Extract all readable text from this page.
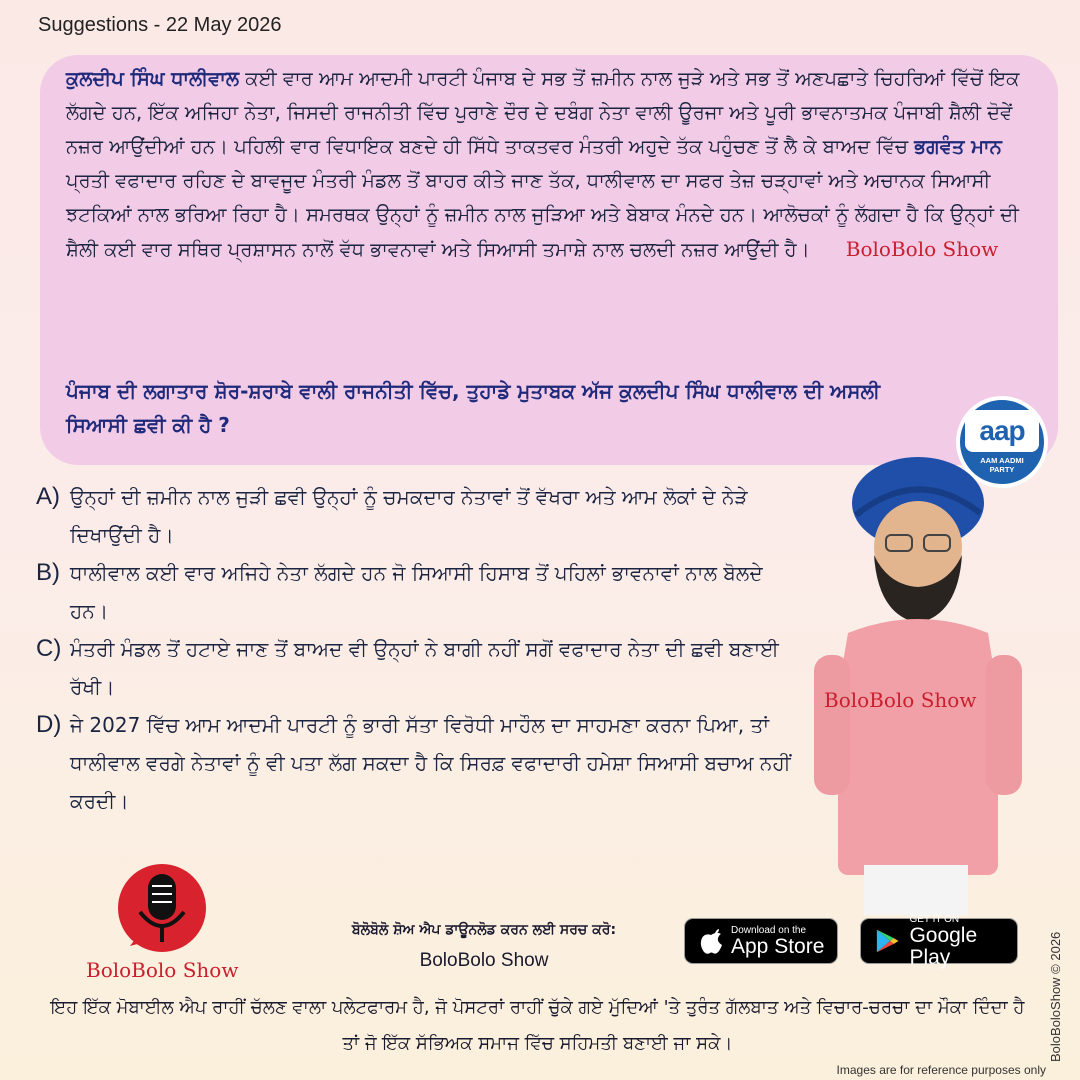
Suggestions - 22 May 2026

ਕੁਲਦੀਪ ਸਿੰਘ ਧਾਲੀਵਾਲ ਕਈ ਵਾਰ ਆਮ ਆਦਮੀ ਪਾਰਟੀ ਪੰਜਾਬ ਦੇ ਸਭ ਤੋਂ ਜ਼ਮੀਨ ਨਾਲ ਜੁੜੇ ਅਤੇ ਸਭ ਤੋਂ ਅਣਪਛਾਤੇ ਚਿਹਰਿਆਂ ਵਿੱਚੋਂ ਇਕ ਲੱਗਦੇ ਹਨ, ਇੱਕ ਅਜਿਹਾ ਨੇਤਾ, ਜਿਸਦੀ ਰਾਜਨੀਤੀ ਵਿੱਚ ਪੁਰਾਣੇ ਦੌਰ ਦੇ ਦਬੰਗ ਨੇਤਾ ਵਾਲੀ ਊਰਜਾ ਅਤੇ ਪੂਰੀ ਭਾਵਨਾਤਮਕ ਪੰਜਾਬੀ ਸ਼ੈਲੀ ਦੋਵੇਂ ਨਜ਼ਰ ਆਉਂਦੀਆਂ ਹਨ। ਪਹਿਲੀ ਵਾਰ ਵਿਧਾਇਕ ਬਣਦੇ ਹੀ ਸਿੱਧੇ ਤਾਕਤਵਰ ਮੰਤਰੀ ਅਹੁਦੇ ਤੱਕ ਪਹੁੰਚਣ ਤੋਂ ਲੈ ਕੇ ਬਾਅਦ ਵਿੱਚ ਭਗਵੰਤ ਮਾਨ ਪ੍ਰਤੀ ਵਫਾਦਾਰ ਰਹਿਣ ਦੇ ਬਾਵਜੂਦ ਮੰਤਰੀ ਮੰਡਲ ਤੋਂ ਬਾਹਰ ਕੀਤੇ ਜਾਣ ਤੱਕ, ਧਾਲੀਵਾਲ ਦਾ ਸਫਰ ਤੇਜ਼ ਚੜ੍ਹਾਵਾਂ ਅਤੇ ਅਚਾਨਕ ਸਿਆਸੀ ਝਟਕਿਆਂ ਨਾਲ ਭਰਿਆ ਰਿਹਾ ਹੈ। ਸਮਰਥਕ ਉਨ੍ਹਾਂ ਨੂੰ ਜ਼ਮੀਨ ਨਾਲ ਜੁੜਿਆ ਅਤੇ ਬੇਬਾਕ ਮੰਨਦੇ ਹਨ। ਆਲੋਚਕਾਂ ਨੂੰ ਲੱਗਦਾ ਹੈ ਕਿ ਉਨ੍ਹਾਂ ਦੀ ਸ਼ੈਲੀ ਕਈ ਵਾਰ ਸਥਿਰ ਪ੍ਰਸ਼ਾਸਨ ਨਾਲੋਂ ਵੱਧ ਭਾਵਨਾਵਾਂ ਅਤੇ ਸਿਆਸੀ ਤਮਾਸ਼ੇ ਨਾਲ ਚਲਦੀ ਨਜ਼ਰ ਆਉਂਦੀ ਹੈ। BoloBolo Show

ਪੰਜਾਬ ਦੀ ਲਗਾਤਾਰ ਸ਼ੋਰ-ਸ਼ਰਾਬੇ ਵਾਲੀ ਰਾਜਨੀਤੀ ਵਿੱਚ, ਤੁਹਾਡੇ ਮੁਤਾਬਕ ਅੱਜ ਕੁਲਦੀਪ ਸਿੰਘ ਧਾਲੀਵਾਲ ਦੀ ਅਸਲੀ ਸਿਆਸੀ ਛਵੀ ਕੀ ਹੈ ?	aap
AAM AADMI
PARTY
A) ਉਨ੍ਹਾਂ ਦੀ ਜ਼ਮੀਨ ਨਾਲ ਜੁੜੀ ਛਵੀ ਉਨ੍ਹਾਂ ਨੂੰ ਚਮਕਦਾਰ ਨੇਤਾਵਾਂ ਤੋਂ ਵੱਖਰਾ ਅਤੇ ਆਮ ਲੋਕਾਂ ਦੇ ਨੇੜੇ ਦਿਖਾਉਂਦੀ ਹੈ।
B) ਧਾਲੀਵਾਲ ਕਈ ਵਾਰ ਅਜਿਹੇ ਨੇਤਾ ਲੱਗਦੇ ਹਨ ਜੋ ਸਿਆਸੀ ਹਿਸਾਬ ਤੋਂ ਪਹਿਲਾਂ ਭਾਵਨਾਵਾਂ ਨਾਲ ਬੋਲਦੇ ਹਨ।
C) ਮੰਤਰੀ ਮੰਡਲ ਤੋਂ ਹਟਾਏ ਜਾਣ ਤੋਂ ਬਾਅਦ ਵੀ ਉਨ੍ਹਾਂ ਨੇ ਬਾਗੀ ਨਹੀਂ ਸਗੋਂ ਵਫਾਦਾਰ ਨੇਤਾ ਦੀ ਛਵੀ ਬਣਾਈ ਰੱਖੀ।
D) ਜੇ 2027 ਵਿੱਚ ਆਮ ਆਦਮੀ ਪਾਰਟੀ ਨੂੰ ਭਾਰੀ ਸੱਤਾ ਵਿਰੋਧੀ ਮਾਹੌਲ ਦਾ ਸਾਹਮਣਾ ਕਰਨਾ ਪਿਆ, ਤਾਂ ਧਾਲੀਵਾਲ ਵਰਗੇ ਨੇਤਾਵਾਂ ਨੂੰ ਵੀ ਪਤਾ ਲੱਗ ਸਕਦਾ ਹੈ ਕਿ ਸਿਰਫ਼ ਵਫਾਦਾਰੀ ਹਮੇਸ਼ਾ ਸਿਆਸੀ ਬਚਾਅ ਨਹੀਂ ਕਰਦੀ।
BoloBolo Show
BoloBolo Show
ਬੋਲੋਬੋਲੋ ਸ਼ੋਅ ਐਪ ਡਾਊਨਲੋਡ ਕਰਨ ਲਈ ਸਰਚ ਕਰੋ:
BoloBolo Show
Download on the
App Store
GET IT ON
Google Play

ਇਹ ਇੱਕ ਮੋਬਾਈਲ ਐਪ ਰਾਹੀਂ ਚੱਲਣ ਵਾਲਾ ਪਲੇਟਫਾਰਮ ਹੈ, ਜੋ ਪੋਸਟਰਾਂ ਰਾਹੀਂ ਚੁੱਕੇ ਗਏ ਮੁੱਦਿਆਂ 'ਤੇ ਤੁਰੰਤ ਗੱਲਬਾਤ ਅਤੇ ਵਿਚਾਰ-ਚਰਚਾ ਦਾ ਮੌਕਾ ਦਿੰਦਾ ਹੈ ਤਾਂ ਜੋ ਇੱਕ ਸੱਭਿਅਕ ਸਮਾਜ ਵਿੱਚ ਸਹਿਮਤੀ ਬਣਾਈ ਜਾ ਸਕੇ।	BoloBoloShow © 2026
Images are for reference purposes only
